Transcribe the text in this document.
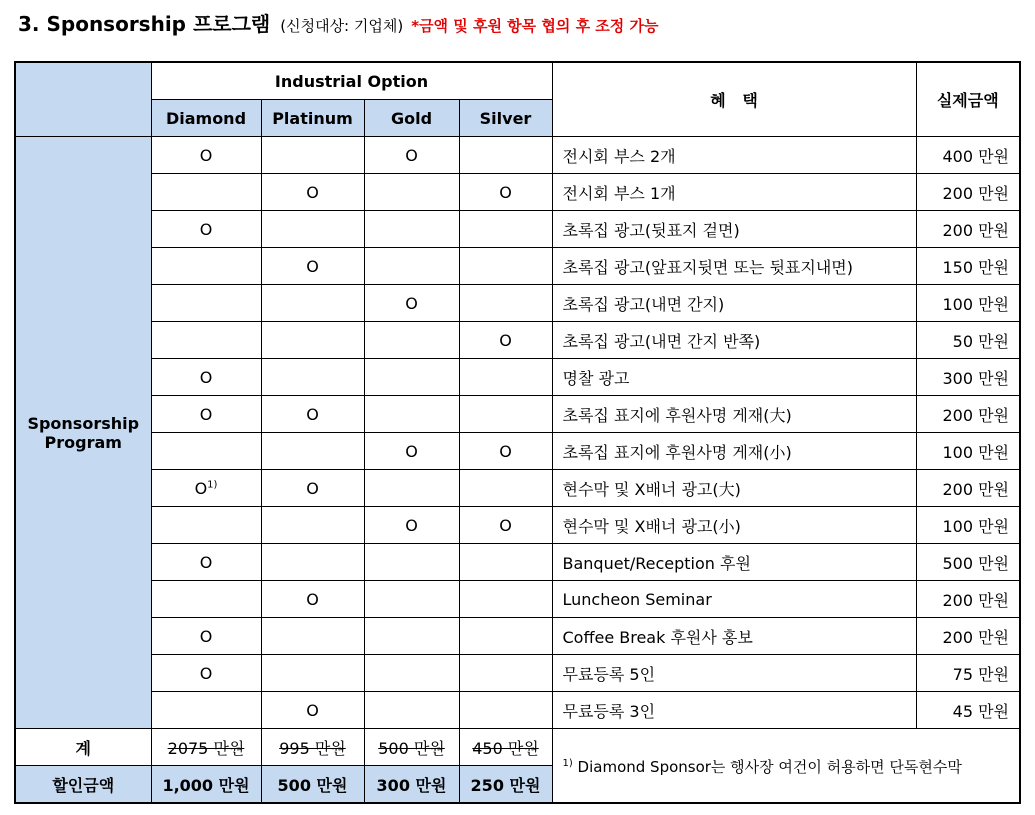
3. Sponsorship 프로그램 (신청대상: 기업체) *금액 및 후원 항목 협의 후 조정 가능
	Industrial Option				혜   택	실제금액
	Diamond	Platinum	Gold	Silver		
Sponsorship Program	O		O		전시회 부스 2개	400 만원
		O		O	전시회 부스 1개	200 만원
	O				초록집 광고(뒷표지 겉면)	200 만원
		O			초록집 광고(앞표지뒷면 또는 뒷표지내면)	150 만원
			O		초록집 광고(내면 간지)	100 만원
				O	초록집 광고(내면 간지 반쪽)	50 만원
	O				명찰 광고	300 만원
	O	O			초록집 표지에 후원사명 게재(大)	200 만원
			O	O	초록집 표지에 후원사명 게재(小)	100 만원
	$O^{1)}$	O			현수막 및 X배너 광고(大)	200 만원
			O	O	현수막 및 X배너 광고(小)	100 만원
	O				Banquet/Reception 후원	500 만원
		O			Luncheon Seminar	200 만원
	O				Coffee Break 후원사 홍보	200 만원
	O				무료등록 5인	75 만원
		O			무료등록 3인	45 만원
계	2075 만원	995 만원	500 만원	450 만원	$^{1)}$ Diamond Sponsor는 행사장 여건이 허용하면 단독현수막	
할인금액	1,000 만원	500 만원	300 만원	250 만원		
